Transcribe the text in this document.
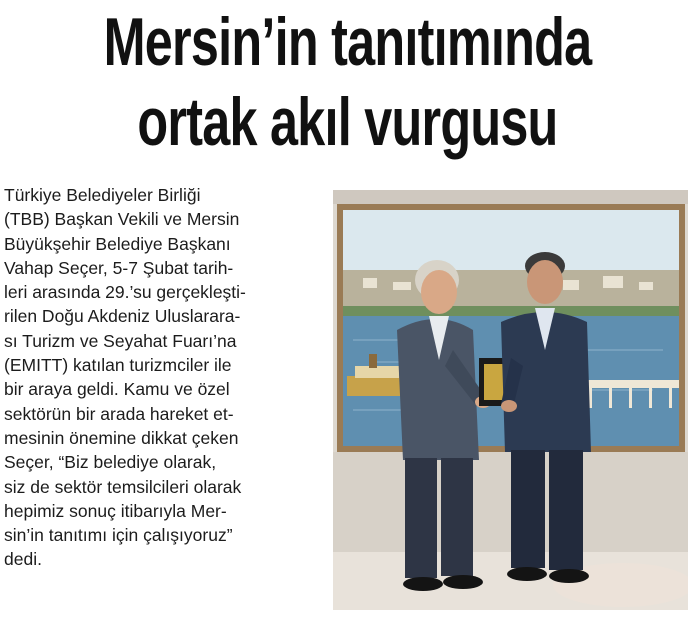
Mersin’in tanıtımında
ortak akıl vurgusu
Türkiye Belediyeler Birliği
(TBB) Başkan Vekili ve Mersin
Büyükşehir Belediye Başkanı
Vahap Seçer, 5-7 Şubat tarih-
leri arasında 29.’su gerçekleşti-
rilen Doğu Akdeniz Uluslarara-
sı Turizm ve Seyahat Fuarı’na
(EMITT) katılan turizmciler ile
bir araya geldi. Kamu ve özel
sektörün bir arada hareket et-
mesinin önemine dikkat çeken
Seçer, “Biz belediye olarak,
siz de sektör temsilcileri olarak
hepimiz sonuç itibarıyla Mer-
sin’in tanıtımı için çalışıyoruz”
dedi.
